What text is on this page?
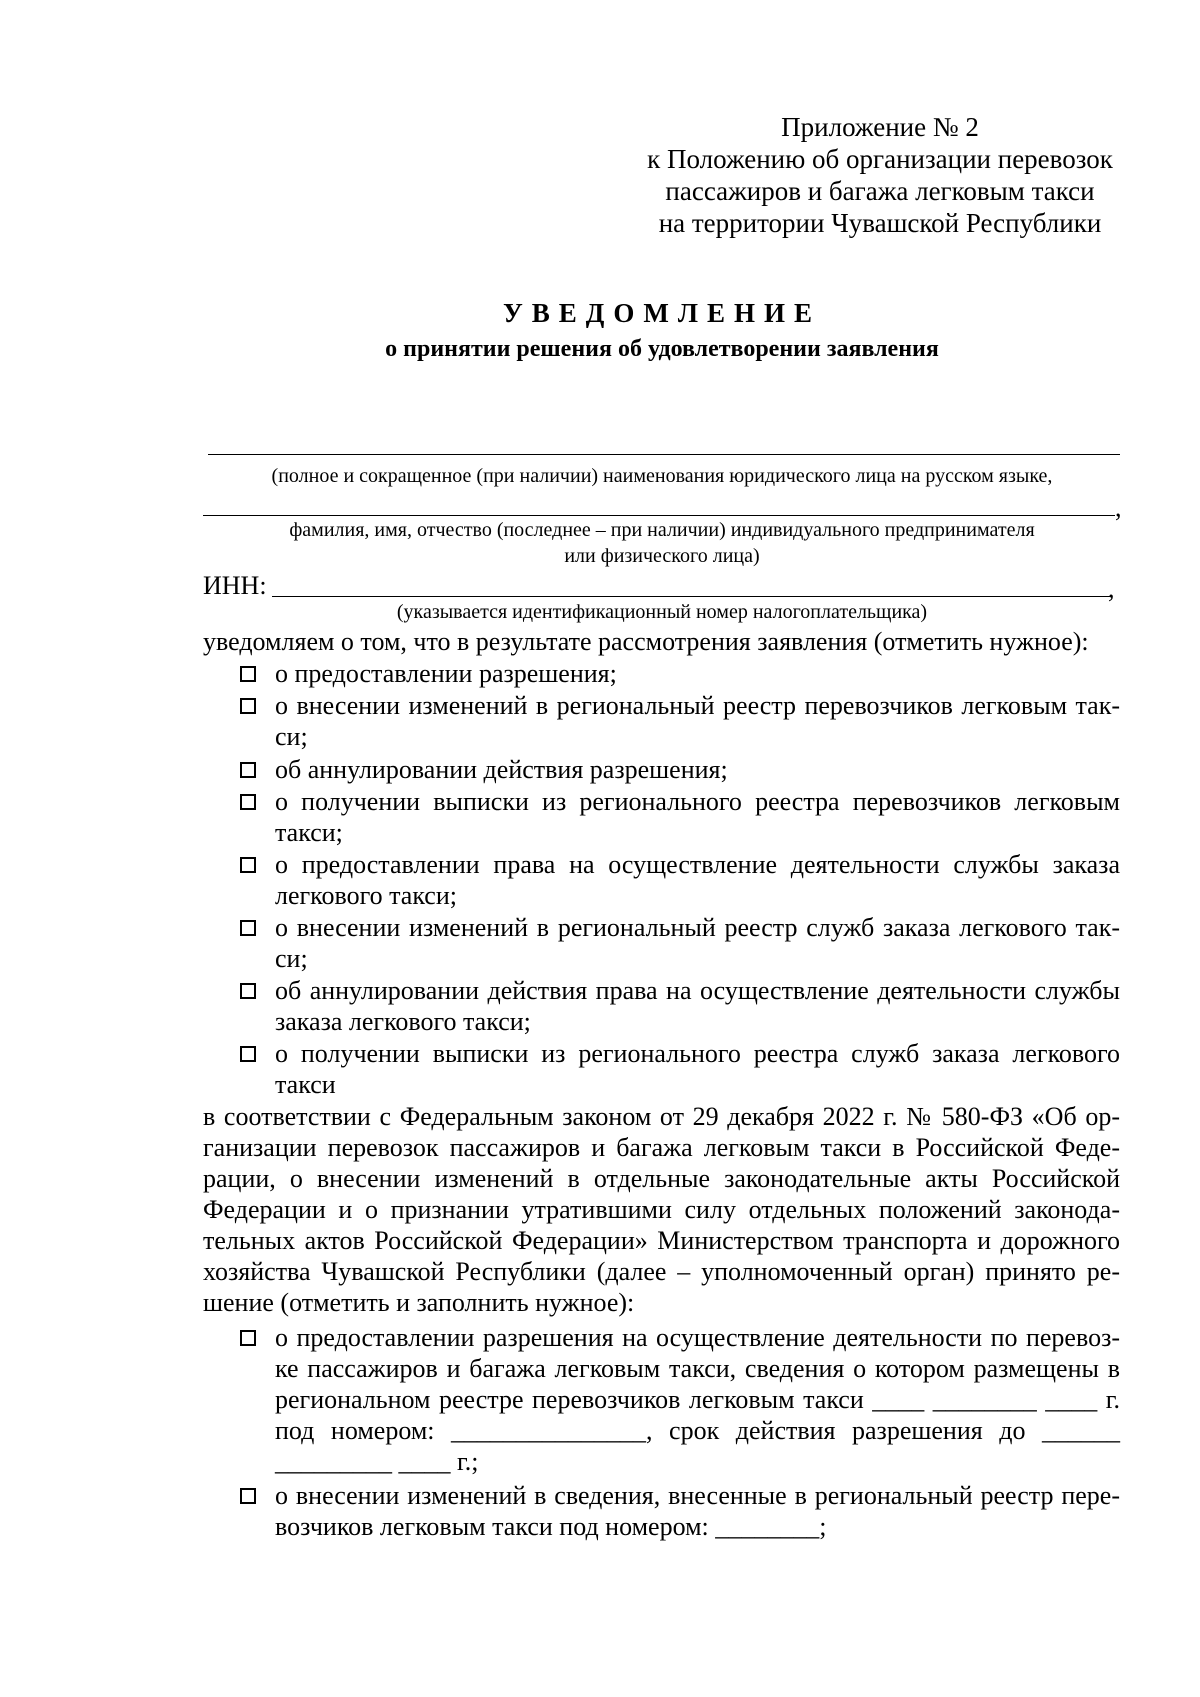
Приложение № 2
к Положению об организации перевозок
пассажиров и багажа легковым такси
на территории Чувашской Республики
УВЕДОМЛЕНИЕ
о принятии решения об удовлетворении заявления
(полное и сокращенное (при наличии) наименования юридического лица на русском языке,
,
фамилия, имя, отчество (последнее – при наличии) индивидуального предпринимателя
или физического лица)
ИНН:	,
(указывается идентификационный номер налогоплательщика)
уведомляем о том, что в результате рассмотрения заявления (отметить нужное):
о предоставлении разрешения;
о внесении изменений в региональный реестр перевозчиков легковым так-
си;
об аннулировании действия разрешения;
о получении выписки из регионального реестра перевозчиков легковым
такси;
о предоставлении права на осуществление деятельности службы заказа
легкового такси;
о внесении изменений в региональный реестр служб заказа легкового так-
си;
об аннулировании действия права на осуществление деятельности службы
заказа легкового такси;
о получении выписки из регионального реестра служб заказа легкового
такси
в соответствии с Федеральным законом от 29 декабря 2022 г. № 580-ФЗ «Об ор-
ганизации перевозок пассажиров и багажа легковым такси в Российской Феде-
рации, о внесении изменений в отдельные законодательные акты Российской
Федерации и о признании утратившими силу отдельных положений законода-
тельных актов Российской Федерации» Министерством транспорта и дорожного
хозяйства Чувашской Республики (далее – уполномоченный орган) принято ре-
шение (отметить и заполнить нужное):
о предоставлении разрешения на осуществление деятельности по перевоз-
ке пассажиров и багажа легковым такси, сведения о котором размещены в
региональном реестре перевозчиков легковым такси ____ ________ ____ г.
под номером: _______________, срок действия разрешения до ______
_________ ____ г.;
о внесении изменений в сведения, внесенные в региональный реестр пере-
возчиков легковым такси под номером: ________;
